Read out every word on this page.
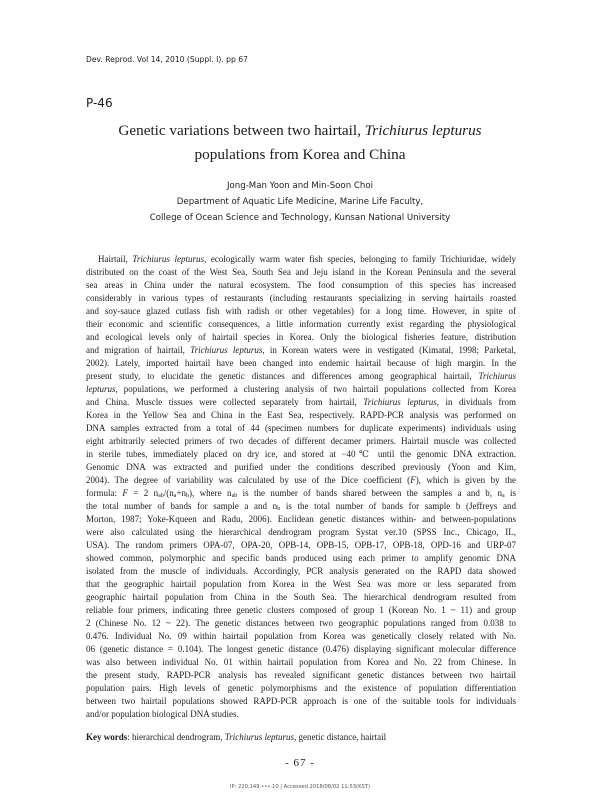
Dev. Reprod. Vol 14, 2010 (Suppl. I). pp 67
P-46
Genetic variations between two hairtail, Trichiurus lepturus
populations from Korea and China
Jong-Man Yoon and Min-Soon Choi
Department of Aquatic Life Medicine, Marine Life Faculty,
College of Ocean Science and Technology, Kunsan National University
Hairtail, Trichiurus lepturus, ecologically warm water fish species, belonging to family Trichiuridae, widely
distributed on the coast of the West Sea, South Sea and Jeju island in the Korean Peninsula and the several
sea areas in China under the natural ecosystem. The food consumption of this species has increased
considerably in various types of restaurants (including restaurants specializing in serving hairtails roasted
and soy-sauce glazed cutlass fish with radish or other vegetables) for a long time. However, in spite of
their economic and scientific consequences, a little information currently exist regarding the physiological
and ecological levels only of hairtail species in Korea. Only the biological fisheries feature, distribution
and migration of hairtail, Trichiurus lepturus, in Korean waters were in vestigated (Kimatal, 1998; Parketal,
2002). Lately, imported hairtail have been changed into endemic hairtail because of high margin. In the
present study, to elucidate the genetic distances and differences among geographical hairtail, Trichiurus
lepturus, populations, we performed a clustering analysis of two hairtail populations collected from Korea
and China. Muscle tissues were collected separately from hairtail, Trichiurus lepturus, in dividuals from
Korea in the Yellow Sea and China in the East Sea, respectively. RAPD-PCR analysis was performed on
DNA samples extracted from a total of 44 (specimen numbers for duplicate experiments) individuals using
eight arbitrarily selected primers of two decades of different decamer primers. Hairtail muscle was collected
in sterile tubes, immediately placed on dry ice, and stored at −40℃ until the genomic DNA extraction.
Genomic DNA was extracted and purified under the conditions described previously (Yoon and Kim,
2004). The degree of variability was calculated by use of the Dice coefficient (F), which is given by the
formula: F = 2 $n_{ab}/(n_a+n_b)$, where $n_{ab}$ is the number of bands shared between the samples a and b, $n_a$ is
the total number of bands for sample a and $n_b$ is the total number of bands for sample b (Jeffreys and
Morton, 1987; Yoke-Kqueen and Radu, 2006). Euclidean genetic distances within- and between-populations
were also calculated using the hierarchical dendrogram program Systat ver.10 (SPSS Inc., Chicago, IL,
USA). The random primers OPA-07, OPA-20, OPB-14, OPB-15, OPB-17, OPB-18, OPD-16 and URP-07
showed common, polymorphic and specific bands produced using each primer to amplify genomic DNA
isolated from the muscle of individuals. Accordingly, PCR analysis generated on the RAPD data showed
that the geographic hairtail population from Korea in the West Sea was more or less separated from
geographic hairtail population from China in the South Sea. The hierarchical dendrogram resulted from
reliable four primers, indicating three genetic clusters composed of group 1 (Korean No. 1 ~ 11) and group
2 (Chinese No. 12 ~ 22). The genetic distances between two geographic populations ranged from 0.038 to
0.476. Individual No. 09 within hairtail population from Korea was genetically closely related with No.
06 (genetic distance = 0.104). The longest genetic distance (0.476) displaying significant molecular difference
was also between individual No. 01 within hairtail population from Korea and No. 22 from Chinese. In
the present study, RAPD-PCR analysis has revealed significant genetic distances between two hairtail
population pairs. High levels of genetic polymorphisms and the existence of population differentiation
between two hairtail populations showed RAPD-PCR approach is one of the suitable tools for individuals
and/or population biological DNA studies.
Key words: hierarchical dendrogram, Trichiurus lepturus, genetic distance, hairtail
- 67 -
IP: 220.149.•••.10 | Accessed 2018/08/02 11:53(KST)
